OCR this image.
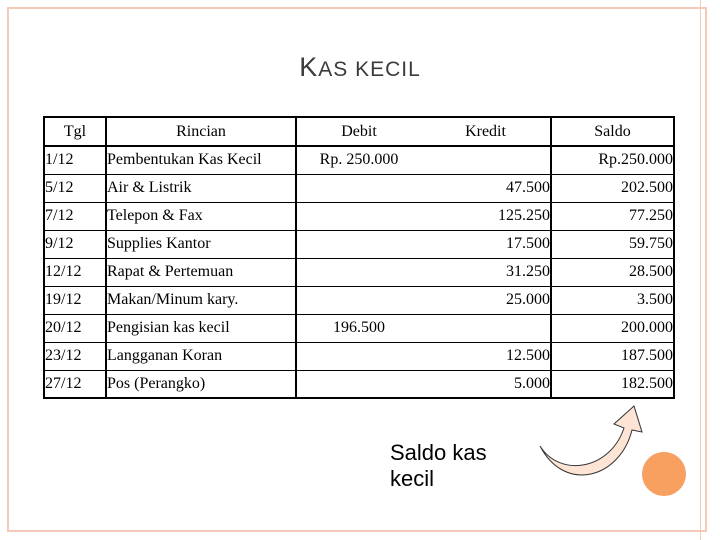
KAS KECIL
Tgl	Rincian	Debit	Kredit	Saldo
1/12	Pembentukan Kas Kecil	Rp. 250.000		Rp.250.000
5/12	Air & Listrik		47.500	202.500
7/12	Telepon & Fax		125.250	77.250
9/12	Supplies Kantor		17.500	59.750
12/12	Rapat & Pertemuan		31.250	28.500
19/12	Makan/Minum kary.		25.000	3.500
20/12	Pengisian kas kecil	196.500		200.000
23/12	Langganan Koran		12.500	187.500
27/12	Pos (Perangko)		5.000	182.500
Saldo kas
kecil
